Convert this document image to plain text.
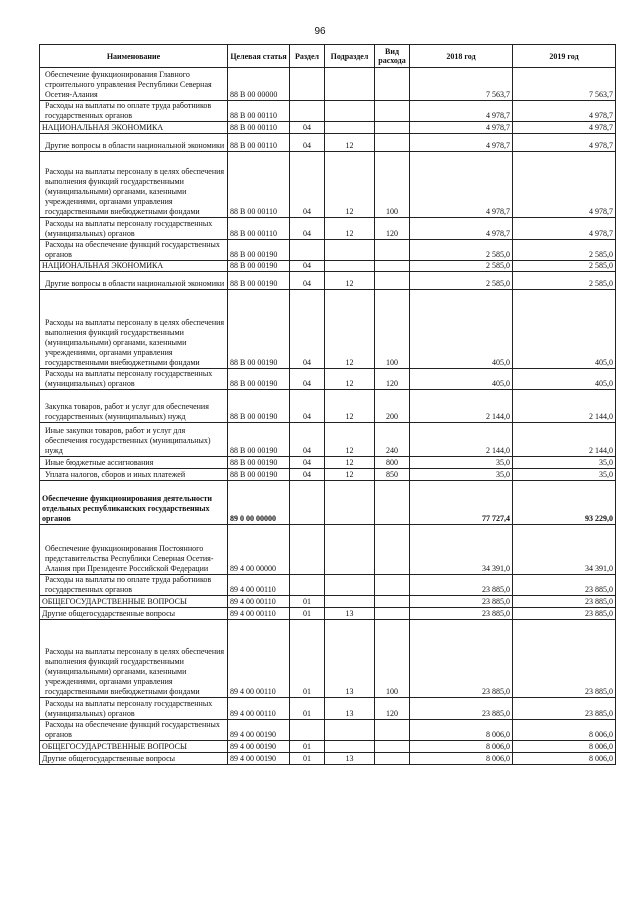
96
Наименование	Целевая статья	Раздел	Подраздел	Вид расхода	2018 год	2019 год
Обеспечение функционирования Главного строительного управления Республики Северная Осетия-Алания	88 В 00 00000				7 563,7	7 563,7
Расходы на выплаты по оплате труда работников государственных органов	88 В 00 00110				4 978,7	4 978,7
НАЦИОНАЛЬНАЯ ЭКОНОМИКА	88 В 00 00110	04			4 978,7	4 978,7
Другие вопросы в области национальной экономики	88 В 00 00110	04	12		4 978,7	4 978,7
Расходы на выплаты персоналу в целях обеспечения выполнения функций государственными (муниципальными) органами, казенными учреждениями, органами управления государственными внебюджетными фондами	88 В 00 00110	04	12	100	4 978,7	4 978,7
Расходы на выплаты персоналу государственных (муниципальных) органов	88 В 00 00110	04	12	120	4 978,7	4 978,7
Расходы на обеспечение функций государственных органов	88 В 00 00190				2 585,0	2 585,0
НАЦИОНАЛЬНАЯ ЭКОНОМИКА	88 В 00 00190	04			2 585,0	2 585,0
Другие вопросы в области национальной экономики	88 В 00 00190	04	12		2 585,0	2 585,0
Расходы на выплаты персоналу в целях обеспечения выполнения функций государственными (муниципальными) органами, казенными учреждениями, органами управления государственными внебюджетными фондами	88 В 00 00190	04	12	100	405,0	405,0
Расходы на выплаты персоналу государственных (муниципальных) органов	88 В 00 00190	04	12	120	405,0	405,0
Закупка товаров, работ и услуг для обеспечения государственных (муниципальных) нужд	88 В 00 00190	04	12	200	2 144,0	2 144,0
Иные закупки товаров, работ и услуг для обеспечения государственных (муниципальных) нужд	88 В 00 00190	04	12	240	2 144,0	2 144,0
Иные бюджетные ассигнования	88 В 00 00190	04	12	800	35,0	35,0
Уплата налогов, сборов и иных платежей	88 В 00 00190	04	12	850	35,0	35,0
Обеспечение функционирования деятельности отдельных республиканских государственных органов	89 0 00 00000				77 727,4	93 229,0
Обеспечение функционирования Постоянного представительства Республики Северная Осетия-Алания при Президенте Российской Федерации	89 4 00 00000				34 391,0	34 391,0
Расходы на выплаты по оплате труда работников государственных органов	89 4 00 00110				23 885,0	23 885,0
ОБЩЕГОСУДАРСТВЕННЫЕ ВОПРОСЫ	89 4 00 00110	01			23 885,0	23 885,0
Другие общегосударственные вопросы	89 4 00 00110	01	13		23 885,0	23 885,0
Расходы на выплаты персоналу в целях обеспечения выполнения функций государственными (муниципальными) органами, казенными учреждениями, органами управления государственными внебюджетными фондами	89 4 00 00110	01	13	100	23 885,0	23 885,0
Расходы на выплаты персоналу государственных (муниципальных) органов	89 4 00 00110	01	13	120	23 885,0	23 885,0
Расходы на обеспечение функций государственных органов	89 4 00 00190				8 006,0	8 006,0
ОБЩЕГОСУДАРСТВЕННЫЕ ВОПРОСЫ	89 4 00 00190	01			8 006,0	8 006,0
Другие общегосударственные вопросы	89 4 00 00190	01	13		8 006,0	8 006,0
